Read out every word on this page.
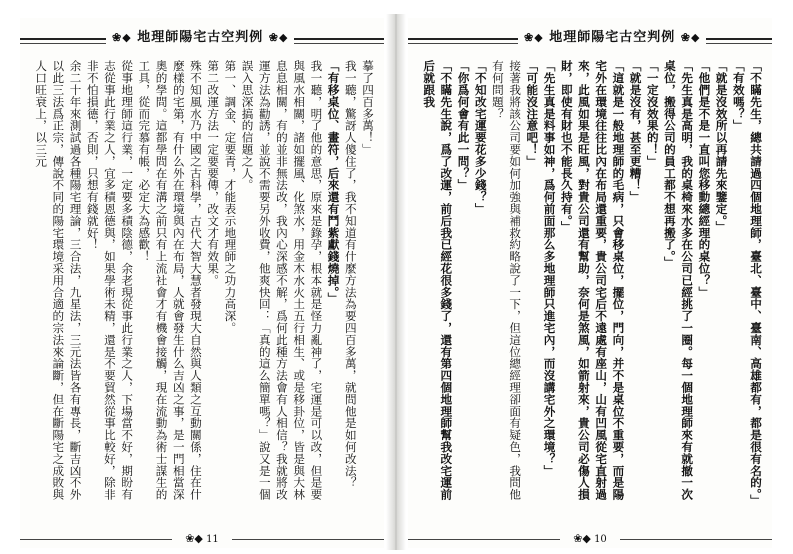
❀◆ 地理師陽宅古空判例 ❀◆

摹了四百多萬！」

我一聽，驚訝人傻住了，我不知道有什麼方法為要四百多萬，就問他是如何改法？

「有移桌位、畫符，后來還有鬥紫獻錢燒掉。」

我一聽，明了他的意思，原來是錄孕，根本就是怪力亂神了，宅運是可以改，但是要與風水相關，諸如擺風、化煞水，用金木水火土五行相生、或是移卦位，皆是與大林息息相關，有的並非無法改，我內心深感不解，爲何此種方法會有人相信？我就將改運方法為勸誘，並說不需要另外收費，他爽快回：「真的這么簡單嗎？」說又是一個誤入思深搞的信題之人。

第一、調金、定要青，才能表示地理師之功力高深。

第二改運方法一定要要傳，改文才有效果。

殊不知風水乃中國之古科學，古代大智大慧者發現大自然與人類之互動關係，住在什麼樣的宅第，有什么外在環境與內在布局，人就會發生什么吉凶之事，是一門相當深奧的學問。這都學問在有溝之前只有上流社會才有機會接觸，現在流動為術士謀生的工具，從而完慕有帳，必定大為感歡！

從事地理師這行業，一定要多積陰德，余老現從事此行業之人，下場當不好，期盼有志從事此行業之人，宜多積恩德與，如果學術未精，還是不要貿然從事比較好，除非非不怕損德，否則，只想有錢就好！

余二十年來測試過各種陽宅理論，三合法，九星法，三元法皆各有專長，斷吉凶不外以此三法爲正宗，傳說不同的陽宅環境采用合適的宗法來論斷，但在斷陽宅之成敗與人口旺衰上，以三元

❀◆ 11
❀◆ 地理師陽宅古空判例 ❀◆

「不瞞先生，總共請過四個地理師，臺北、臺中、臺南、高雄都有，都是很有名的。」

「有效嗎？」

「就是沒效所以再請先來鑒定。」

「他們是不是一直叫您移動總經理的桌位？」

「先生真是高明，我的桌椅來水多在公司已經挑了一圈。每一個地理師來有就撤一次桌位，搬得公司的員工都不想再搬了。」

「一定沒效果的！」

「就是沒有，甚至更糟！」

「這就是一般地理師的毛病，只會移桌位，擺位，門向，并不是桌位不重要，而是陽宅外在環境往往比內在布局還重要，貴公司宅后不遠處有座山，山有凹風從宅直射過來，此風如果是旺風，對貴公司還有幫助，奈何是煞風，如箭射來，貴公司必傷人損財，即使有財也不能長久持有。」

「先生真是料事如神，爲何前面那么多地理師只進宅內，而沒講宅外之環境？」

「可能沒注意吧！」

接著我將該公司要如何加強與補救約略說了一下，但這位總經理卻面有疑色，我問他有何問題？

「不知改宅運要花多少錢？」

「你爲何會有此一問？」

「不瞞先生說，爲了改運，前后我已經花很多錢了，還有第四個地理師幫我改宅運前后就跟我

❀◆ 10
